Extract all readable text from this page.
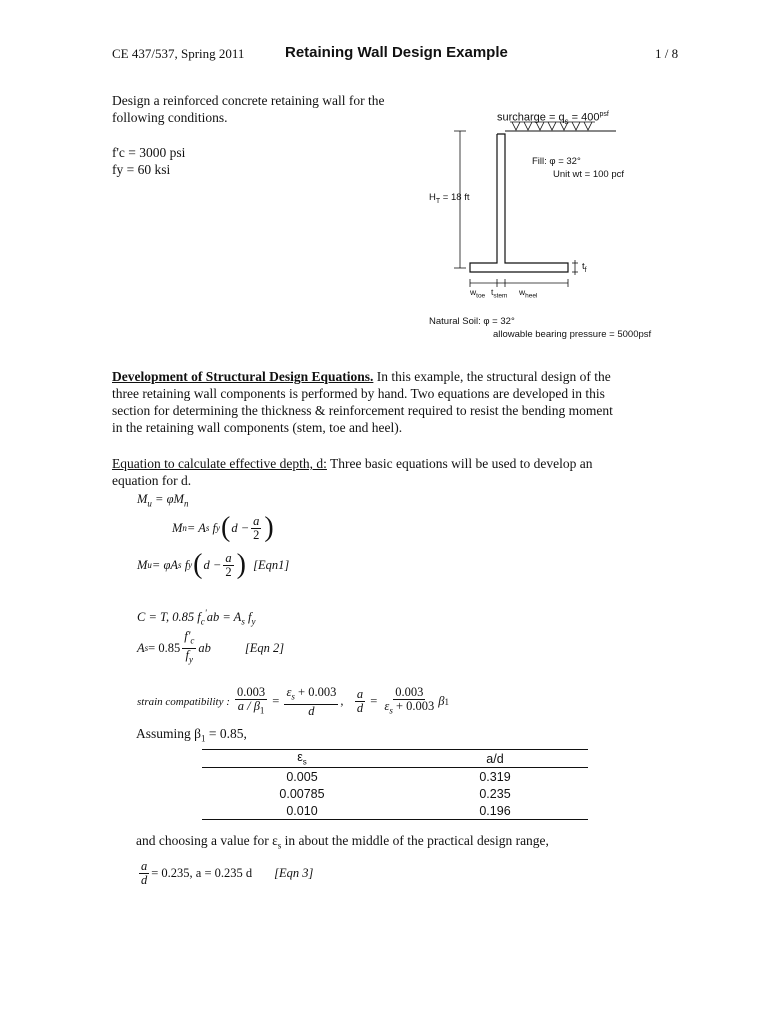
CE 437/537, Spring 2011	Retaining Wall Design Example	1 / 8
Design a reinforced concrete retaining wall for the
following conditions.
f'c = 3000 psi
fy = 60 ksi
surcharge = $q_s = 400^{psf}$
Fill: φ = 32°
Unit wt = 100 pcf
$H_T = 18$ ft
$t_f$
$w_{toe}$ $t_{stem}$ $w_{heel}$
Natural Soil: φ = 32°
allowable bearing pressure = 5000psf
Development of Structural Design Equations. In this example, the structural design of the
three retaining wall components is performed by hand. Two equations are developed in this
section for determining the thickness & reinforcement required to resist the bending moment
in the retaining wall components (stem, toe and heel).
Equation to calculate effective depth, d: Three basic equations will be used to develop an
equation for d.
$M_u = \varphi M_n$
M n = A s
f y ( $d - \frac{a}{2}$ )
M u = φA s
f y ( $d - \frac{a}{2}$ )
[Eqn1]
C = T, 0.85 $f_c'ab = A_s$ $f_y$
A $s = 0.85 \frac{f'_c}{f_y}$ ab	[Eqn 2]
strain compatibility :
$\frac{0.003}{a / \beta_1} = \frac{\varepsilon_s + 0.003}{d}$ , $\frac{a}{d} = \frac{0.003}{\varepsilon_s + 0.003}$ β 1
Assuming $\beta_1 = 0.85$,
$\varepsilon_s$	a/d
0.005	0.319
0.00785	0.235
0.010	0.196
and choosing a value for $\varepsilon_s$ in about the middle of the practical design range,
$\frac{a}{d} = 0.235$, a = 0.235 d [Eqn 3]
